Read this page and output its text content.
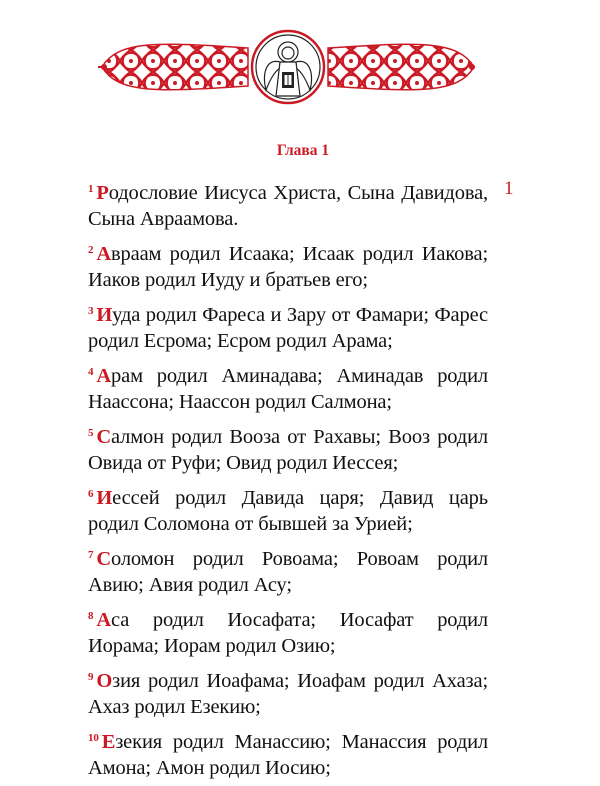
Глава 1
1

1 Родословие Иисуса Христа, Сына Давидова, Сына Авраамова.

2 Авраам родил Исаака; Исаак родил Иакова; Иаков родил Иуду и братьев его;

3 Иуда родил Фареса и Зару от Фамари; Фарес родил Есрома; Есром родил Арама;

4 Арам родил Аминадава; Аминадав родил Наассона; Наассон родил Салмона;

5 Салмон родил Вооза от Рахавы; Вооз родил Овида от Руфи; Овид родил Иессея;

6 Иессей родил Давида царя; Давид царь родил Соломона от бывшей за Урией;

7 Соломон родил Ровоама; Ровоам родил Авию; Авия родил Асу;

8 Аса родил Иосафата; Иосафат родил Иорама; Иорам родил Озию;

9 Озия родил Иоафама; Иоафам родил Ахаза; Ахаз родил Езекию;

10 Езекия родил Манассию; Манассия родил Амона; Амон родил Иосию;
